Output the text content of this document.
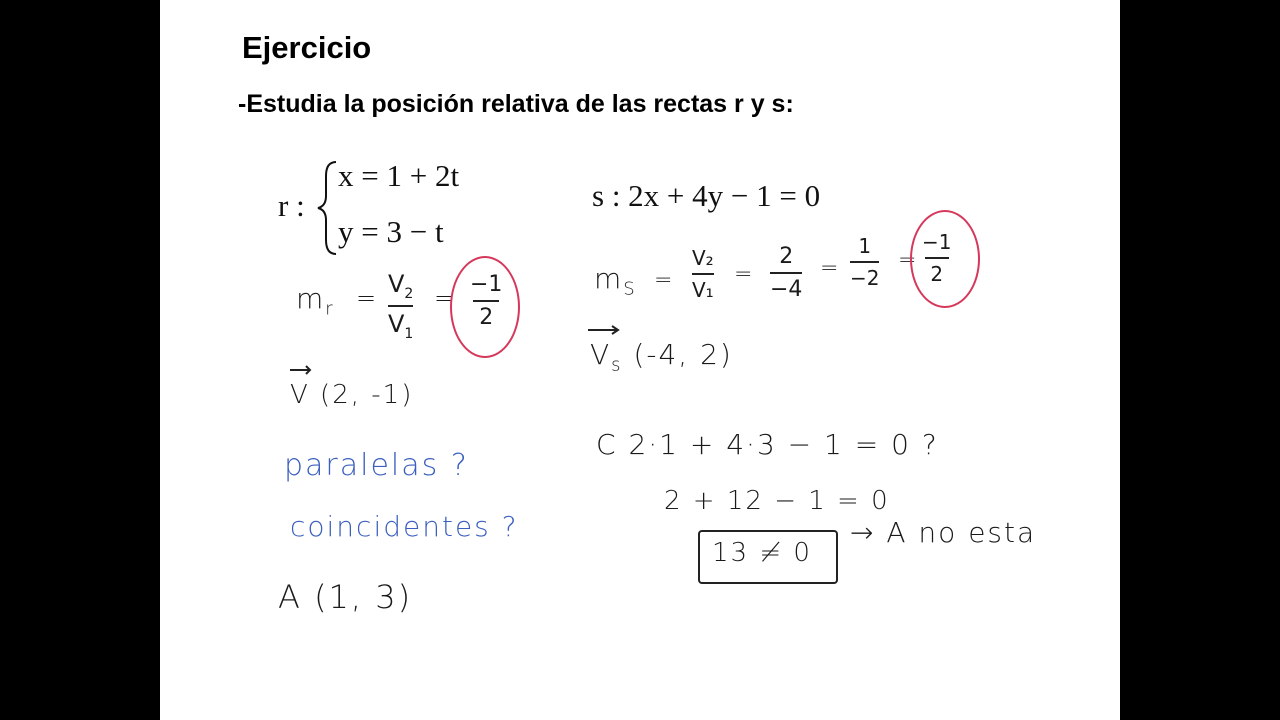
Ejercicio
-Estudia la posición relativa de las rectas r y s:
r :
x = 1 + 2t
y = 3 − t
s : 2x + 4y − 1 = 0
$m_r = V_2$
$V_1$
= −1
2
V (2, -1)
paralelas ?
coincidentes ?
A (1, 3)
$m_S$ =
V₂
V₁
=
2
−4
=
1
−2
=
−1
2
$V_s$ (-4, 2)
C 2·1 + 4·3 − 1 = 0 ?
2 + 12 − 1 = 0
13 ≠ 0
→ A no esta
